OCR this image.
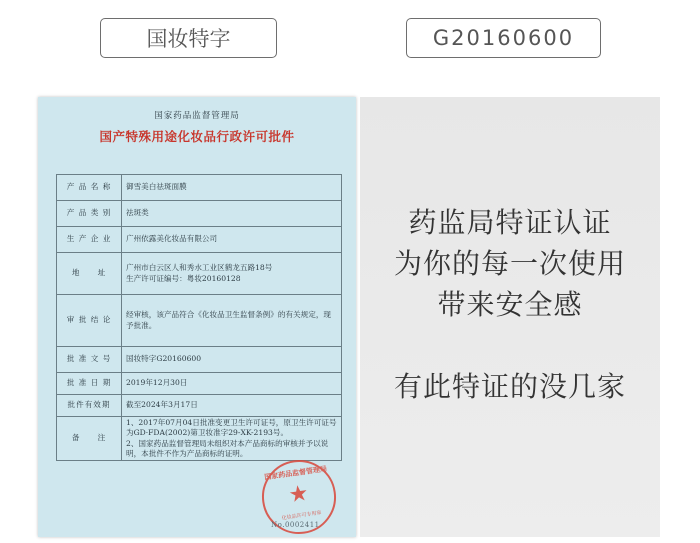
国妆特字	G20160600
国家药品监督管理局
国产特殊用途化妆品行政许可批件
产 品 名 称	御雪美白祛斑面膜
产 品 类 别	祛斑类
生 产 企 业	广州依露美化妆品有限公司
地　　址	广州市白云区人和秀水工业区鹤龙五路18号
生产许可证编号：粤妆20160128

审 批 结 论	经审核，该产品符合《化妆品卫生监督条例》的有关规定，现予批准。
批 准 文 号	国妆特字G20160600
批 准 日 期	2019年12月30日
批件有效期	截至2024年3月17日
备　　注	1、2017年07月04日批准变更卫生许可证号，原卫生许可证号为GD·FDA(2002)第卫妆准字29-XK-2193号。
2、国家药品监督管理局未组织对本产品商标的审核并予以说明，本批件不作为产品商标的证明。
国家药品监督管理局
★
化妆品许可专用章
No.0002411
药监局特证认证
为你的每一次使用
带来安全感
有此特证的没几家
